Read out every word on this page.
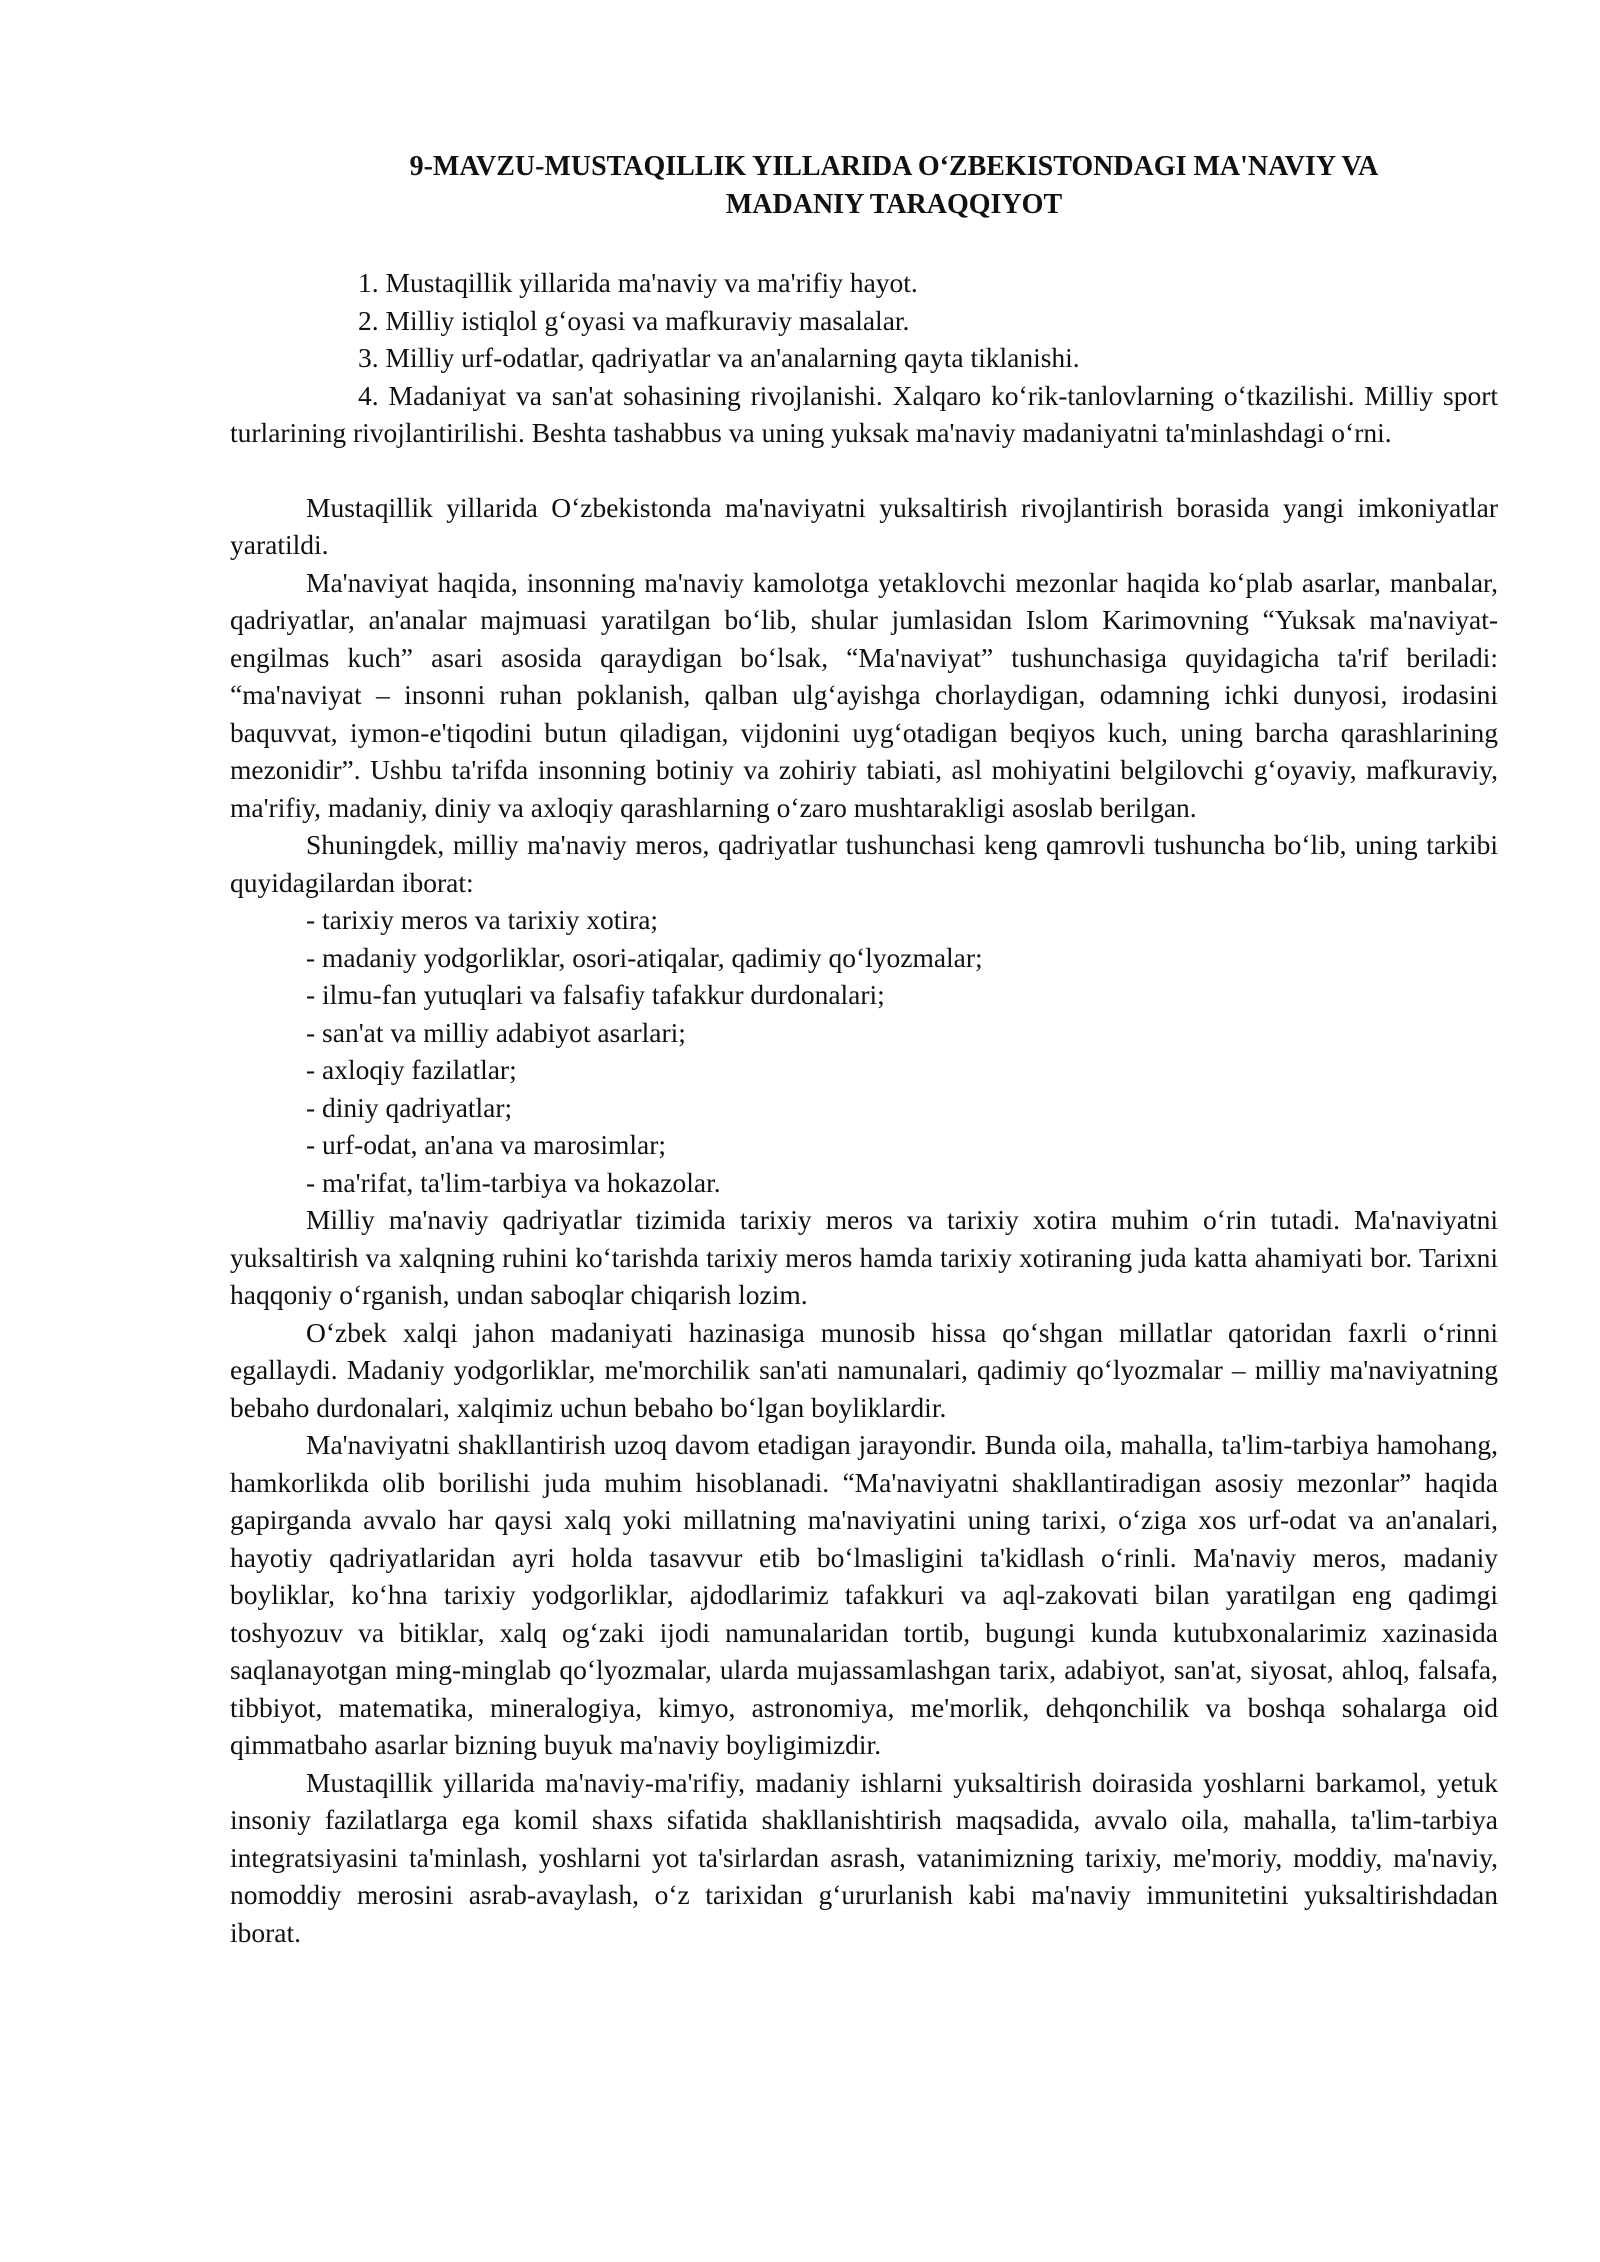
9-MAVZU-MUSTAQILLIK YILLARIDA O‘ZBEKISTONDAGI MA'NAVIY VA
MADANIY TARAQQIYOT

1. Mustaqillik yillarida ma'naviy va ma'rifiy hayot.

2. Milliy istiqlol g‘oyasi va mafkuraviy masalalar.

3. Milliy urf-odatlar, qadriyatlar va an'analarning qayta tiklanishi.

4. Madaniyat va san'at sohasining rivojlanishi. Xalqaro ko‘rik-tanlovlarning o‘tkazilishi. Milliy sport turlarining rivojlantirilishi. Beshta tashabbus va uning yuksak ma'naviy madaniyatni ta'minlashdagi o‘rni.

Mustaqillik yillarida O‘zbekistonda ma'naviyatni yuksaltirish rivojlantirish borasida yangi imkoniyatlar yaratildi.

Ma'naviyat haqida, insonning ma'naviy kamolotga yetaklovchi mezonlar haqida ko‘plab asarlar, manbalar, qadriyatlar, an'analar majmuasi yaratilgan bo‘lib, shular jumlasidan Islom Karimovning “Yuksak ma'naviyat-engilmas kuch” asari asosida qaraydigan bo‘lsak, “Ma'naviyat” tushunchasiga quyidagicha ta'rif beriladi: “ma'naviyat – insonni ruhan poklanish, qalban ulg‘ayishga chorlaydigan, odamning ichki dunyosi, irodasini baquvvat, iymon-e'tiqodini butun qiladigan, vijdonini uyg‘otadigan beqiyos kuch, uning barcha qarashlarining mezonidir”. Ushbu ta'rifda insonning botiniy va zohiriy tabiati, asl mohiyatini belgilovchi g‘oyaviy, mafkuraviy, ma'rifiy, madaniy, diniy va axloqiy qarashlarning o‘zaro mushtarakligi asoslab berilgan.

Shuningdek, milliy ma'naviy meros, qadriyatlar tushunchasi keng qamrovli tushuncha bo‘lib, uning tarkibi quyidagilardan iborat:

- tarixiy meros va tarixiy xotira;

- madaniy yodgorliklar, osori-atiqalar, qadimiy qo‘lyozmalar;

- ilmu-fan yutuqlari va falsafiy tafakkur durdonalari;

- san'at va milliy adabiyot asarlari;

- axloqiy fazilatlar;

- diniy qadriyatlar;

- urf-odat, an'ana va marosimlar;

- ma'rifat, ta'lim-tarbiya va hokazolar.

Milliy ma'naviy qadriyatlar tizimida tarixiy meros va tarixiy xotira muhim o‘rin tutadi. Ma'naviyatni yuksaltirish va xalqning ruhini ko‘tarishda tarixiy meros hamda tarixiy xotiraning juda katta ahamiyati bor. Tarixni haqqoniy o‘rganish, undan saboqlar chiqarish lozim.

O‘zbek xalqi jahon madaniyati hazinasiga munosib hissa qo‘shgan millatlar qatoridan faxrli o‘rinni egallaydi. Madaniy yodgorliklar, me'morchilik san'ati namunalari, qadimiy qo‘lyozmalar – milliy ma'naviyatning bebaho durdonalari, xalqimiz uchun bebaho bo‘lgan boyliklardir.

Ma'naviyatni shakllantirish uzoq davom etadigan jarayondir. Bunda oila, mahalla, ta'lim-tarbiya hamohang, hamkorlikda olib borilishi juda muhim hisoblanadi. “Ma'naviyatni shakllantiradigan asosiy mezonlar” haqida gapirganda avvalo har qaysi xalq yoki millatning ma'naviyatini uning tarixi, o‘ziga xos urf-odat va an'analari, hayotiy qadriyatlaridan ayri holda tasavvur etib bo‘lmasligini ta'kidlash o‘rinli. Ma'naviy meros, madaniy boyliklar, ko‘hna tarixiy yodgorliklar, ajdodlarimiz tafakkuri va aql-zakovati bilan yaratilgan eng qadimgi toshyozuv va bitiklar, xalq og‘zaki ijodi namunalaridan tortib, bugungi kunda kutubxonalarimiz xazinasida saqlanayotgan ming-minglab qo‘lyozmalar, ularda mujassamlashgan tarix, adabiyot, san'at, siyosat, ahloq, falsafa, tibbiyot, matematika, mineralogiya, kimyo, astronomiya, me'morlik, dehqonchilik va boshqa sohalarga oid qimmatbaho asarlar bizning buyuk ma'naviy boyligimizdir.

Mustaqillik yillarida ma'naviy-ma'rifiy, madaniy ishlarni yuksaltirish doirasida yoshlarni barkamol, yetuk insoniy fazilatlarga ega komil shaxs sifatida shakllanishtirish maqsadida, avvalo oila, mahalla, ta'lim-tarbiya integratsiyasini ta'minlash, yoshlarni yot ta'sirlardan asrash, vatanimizning tarixiy, me'moriy, moddiy, ma'naviy, nomoddiy merosini asrab-avaylash, o‘z tarixidan g‘ururlanish kabi ma'naviy immunitetini yuksaltirishdadan iborat.
